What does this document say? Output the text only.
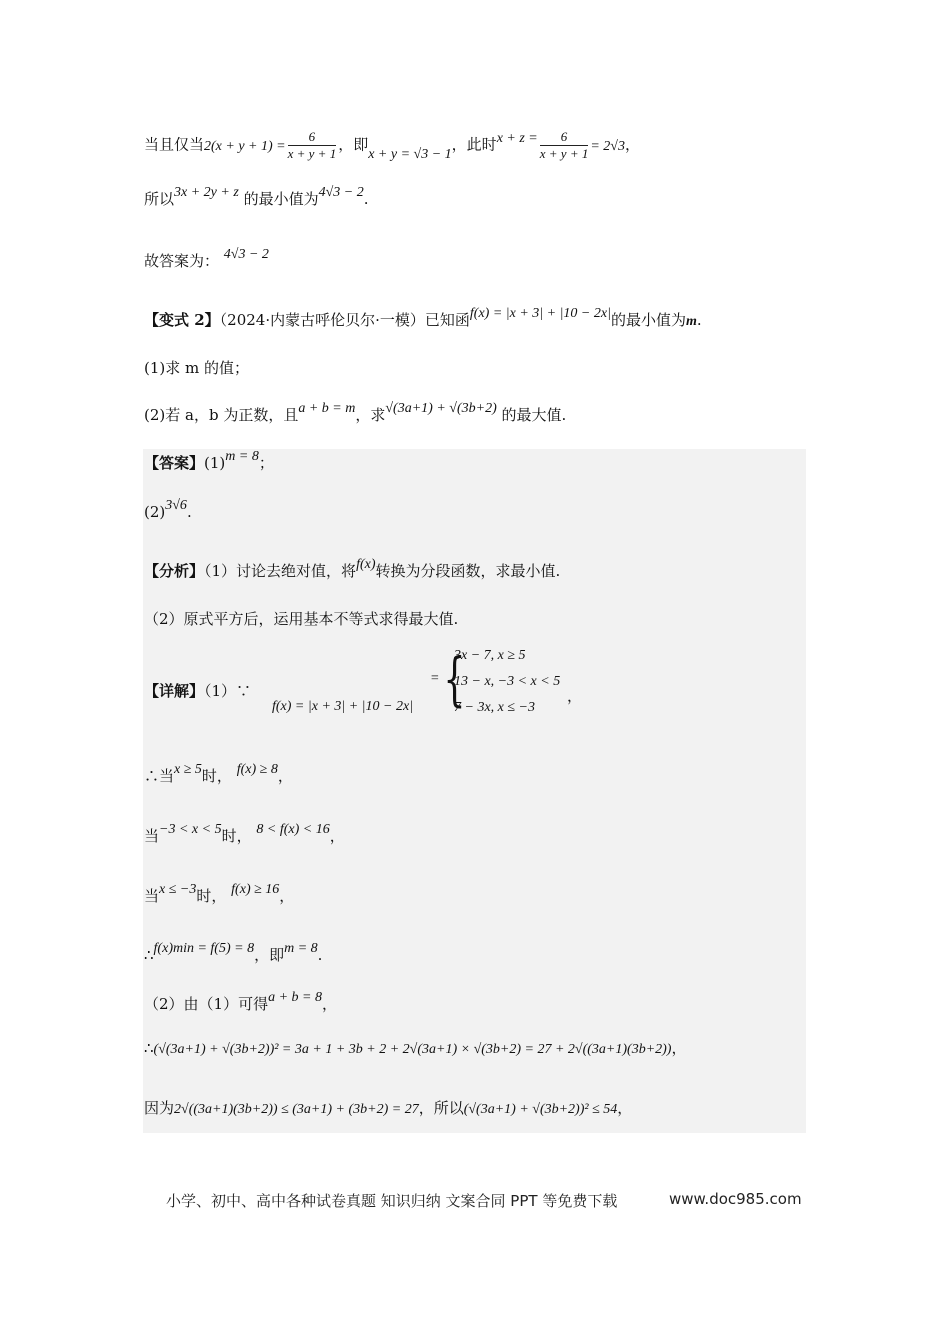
当且仅当$2(x + y + 1) = \frac{6}{x + y + 1}$ ，即x + y = √3 − 1，此时$x + z = \frac{6}{x + y + 1} = 2√3$，
所以3x + 2y + z 的最小值为4√3 − 2.
故答案为： 4√3 − 2
【变式 2】（2024·内蒙古呼伦贝尔·一模）已知函f(x) = |x + 3| + |10 − 2x|的最小值为m.
(1)求 m 的值；
(2)若 a，b 为正数，且a + b = m，求√(3a+1) + √(3b+2) 的最大值.
【答案】(1)m = 8；
(2)3√6.
【分析】（1）讨论去绝对值，将f(x)转换为分段函数，求最小值.
（2）原式平方后，运用基本不等式求得最大值.
【详解】（1）∵
f(x) = |x + 3| + |10 − 2x|
= {
3x − 7, x ≥ 5
13 − x, −3 < x < 5
7 − 3x, x ≤ −3
，
∴当x ≥ 5时， f(x) ≥ 8，
当−3 < x < 5时， 8 < f(x) < 16，
当x ≤ −3时， f(x) ≥ 16，
∴f(x)min = f(5) = 8，即m = 8.
（2）由（1）可得a + b = 8，
∴(√(3a+1) + √(3b+2))² = 3a + 1 + 3b + 2 + 2√(3a+1) × √(3b+2) = 27 + 2√((3a+1)(3b+2))，
因为2√((3a+1)(3b+2)) ≤ (3a+1) + (3b+2) = 27，所以(√(3a+1) + √(3b+2))² ≤ 54，
小学、初中、高中各种试卷真题 知识归纳 文案合同 PPT 等免费下载	www.doc985.com
